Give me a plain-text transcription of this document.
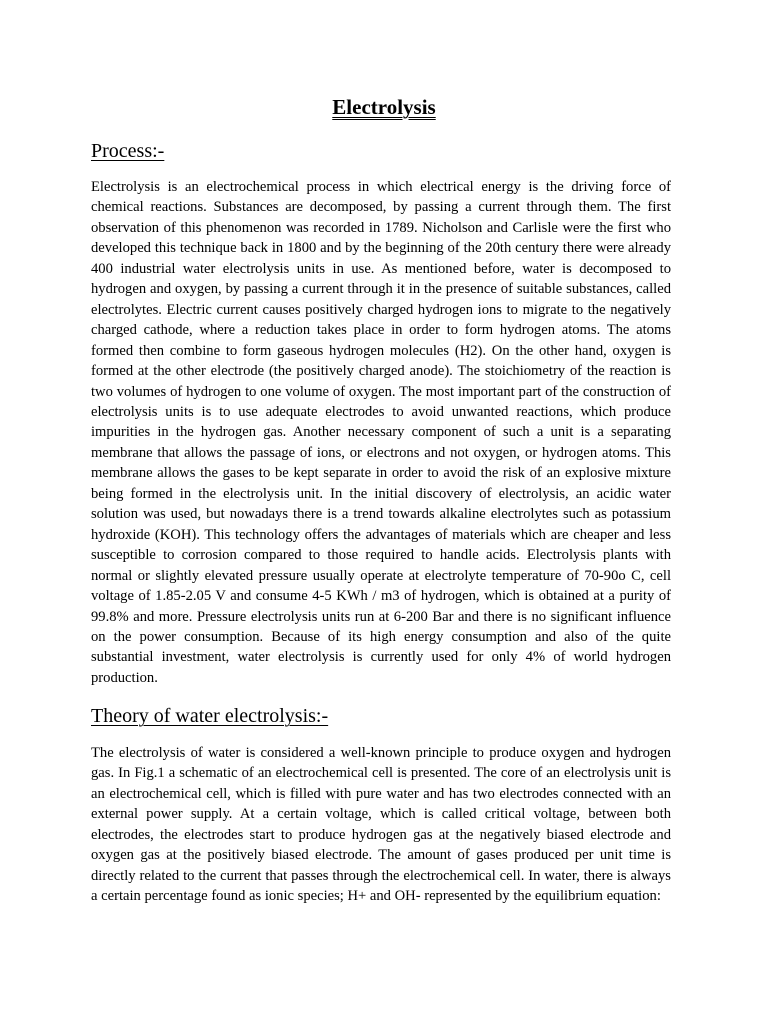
Electrolysis
Process:-

Electrolysis is an electrochemical process in which electrical energy is the driving force of chemical reactions. Substances are decomposed, by passing a current through them. The first observation of this phenomenon was recorded in 1789. Nicholson and Carlisle were the first who developed this technique back in 1800 and by the beginning of the 20th century there were already 400 industrial water electrolysis units in use. As mentioned before, water is decomposed to hydrogen and oxygen, by passing a current through it in the presence of suitable substances, called electrolytes. Electric current causes positively charged hydrogen ions to migrate to the negatively charged cathode, where a reduction takes place in order to form hydrogen atoms. The atoms formed then combine to form gaseous hydrogen molecules (H2). On the other hand, oxygen is formed at the other electrode (the positively charged anode). The stoichiometry of the reaction is two volumes of hydrogen to one volume of oxygen. The most important part of the construction of electrolysis units is to use adequate electrodes to avoid unwanted reactions, which produce impurities in the hydrogen gas. Another necessary component of such a unit is a separating membrane that allows the passage of ions, or electrons and not oxygen, or hydrogen atoms. This membrane allows the gases to be kept separate in order to avoid the risk of an explosive mixture being formed in the electrolysis unit. In the initial discovery of electrolysis, an acidic water solution was used, but nowadays there is a trend towards alkaline electrolytes such as potassium hydroxide (KOH). This technology offers the advantages of materials which are cheaper and less susceptible to corrosion compared to those required to handle acids. Electrolysis plants with normal or slightly elevated pressure usually operate at electrolyte temperature of 70-90o C, cell voltage of 1.85-2.05 V and consume 4-5 KWh / m3 of hydrogen, which is obtained at a purity of 99.8% and more. Pressure electrolysis units run at 6-200 Bar and there is no significant influence on the power consumption. Because of its high energy consumption and also of the quite substantial investment, water electrolysis is currently used for only 4% of world hydrogen production.

Theory of water electrolysis:-

The electrolysis of water is considered a well-known principle to produce oxygen and hydrogen gas. In Fig.1 a schematic of an electrochemical cell is presented. The core of an electrolysis unit is an electrochemical cell, which is filled with pure water and has two electrodes connected with an external power supply. At a certain voltage, which is called critical voltage, between both electrodes, the electrodes start to produce hydrogen gas at the negatively biased electrode and oxygen gas at the positively biased electrode. The amount of gases produced per unit time is directly related to the current that passes through the electrochemical cell. In water, there is always a certain percentage found as ionic species; H+ and OH- represented by the equilibrium equation:
